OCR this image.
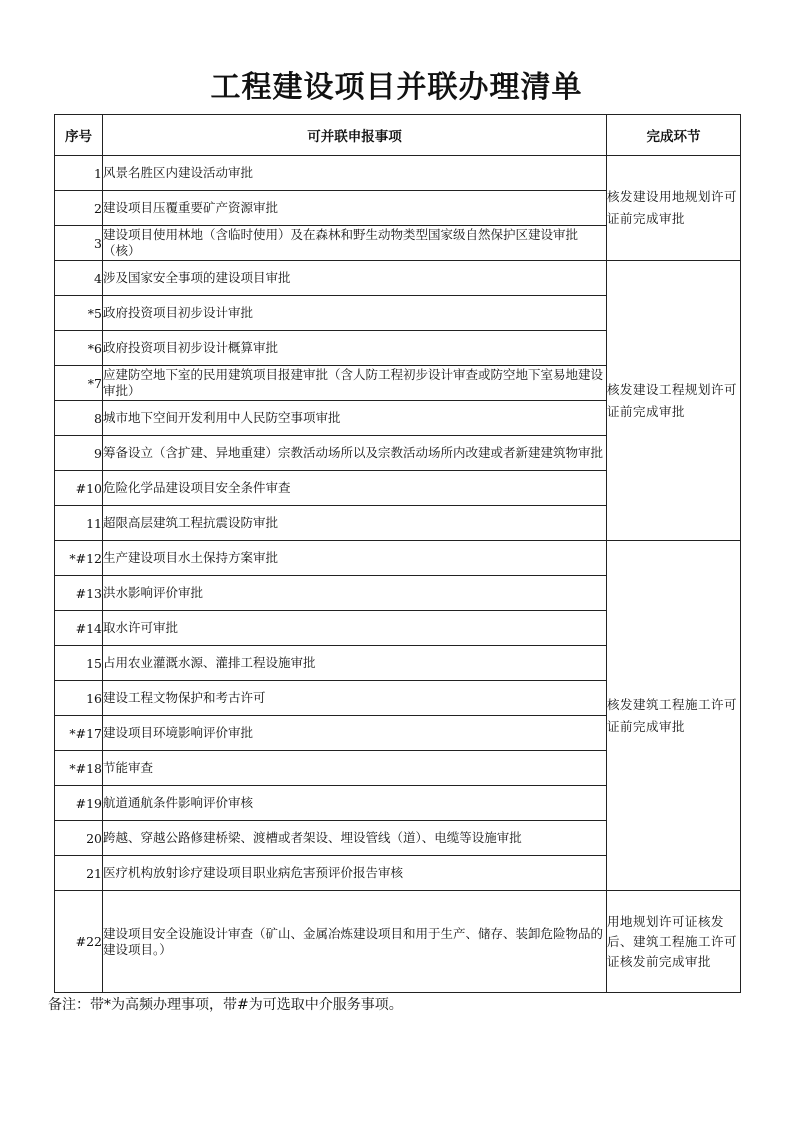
工程建设项目并联办理清单
序号	可并联申报事项	完成环节
1	风景名胜区内建设活动审批	核发建设用地规划许可证前完成审批
2	建设项目压覆重要矿产资源审批	
3	建设项目使用林地（含临时使用）及在森林和野生动物类型国家级自然保护区建设审批（核）	
4	涉及国家安全事项的建设项目审批	核发建设工程规划许可证前完成审批
*5	政府投资项目初步设计审批	
*6	政府投资项目初步设计概算审批	
*7	应建防空地下室的民用建筑项目报建审批（含人防工程初步设计审查或防空地下室易地建设审批）	
8	城市地下空间开发利用中人民防空事项审批	
9	筹备设立（含扩建、异地重建）宗教活动场所以及宗教活动场所内改建或者新建建筑物审批	
#10	危险化学品建设项目安全条件审查	
11	超限高层建筑工程抗震设防审批	
*#12	生产建设项目水土保持方案审批	核发建筑工程施工许可证前完成审批
#13	洪水影响评价审批	
#14	取水许可审批	
15	占用农业灌溉水源、灌排工程设施审批	
16	建设工程文物保护和考古许可	
*#17	建设项目环境影响评价审批	
*#18	节能审查	
#19	航道通航条件影响评价审核	
20	跨越、穿越公路修建桥梁、渡槽或者架设、埋设管线（道）、电缆等设施审批	
21	医疗机构放射诊疗建设项目职业病危害预评价报告审核	
#22	建设项目安全设施设计审查（矿山、金属冶炼建设项目和用于生产、储存、装卸危险物品的建设项目。）	用地规划许可证核发后、建筑工程施工许可证核发前完成审批
备注：带*为高频办理事项，带#为可选取中介服务事项。
